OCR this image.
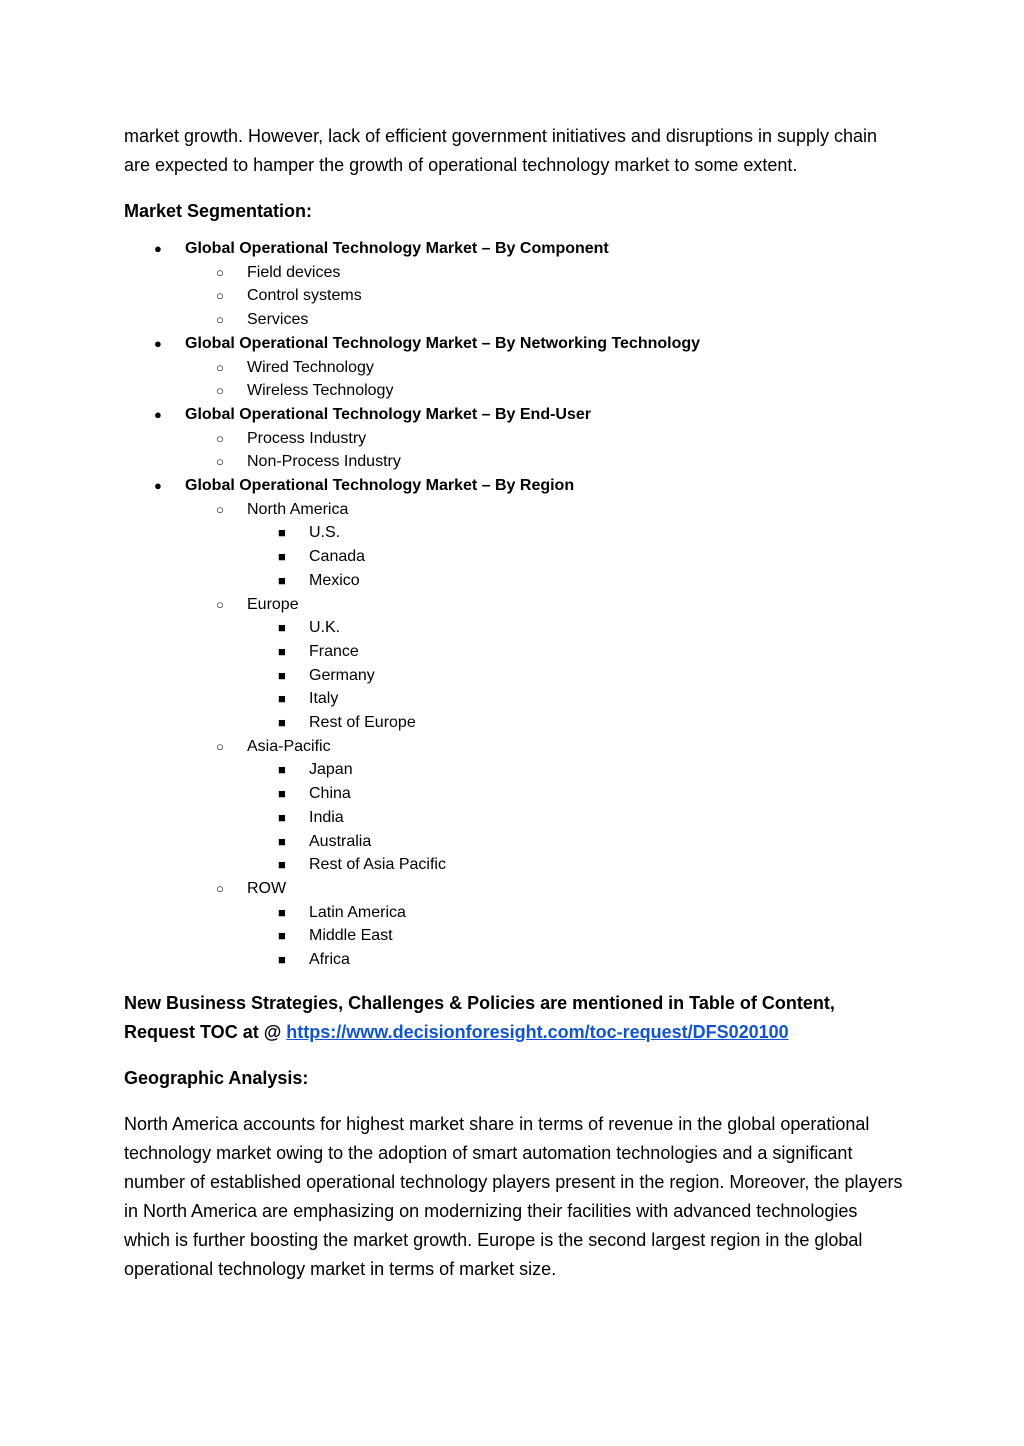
market growth. However, lack of efficient government initiatives and disruptions in supply chain are expected to hamper the growth of operational technology market to some extent.

Market Segmentation:

● Global Operational Technology Market – By Component
○ Field devices
○ Control systems
○ Services
● Global Operational Technology Market – By Networking Technology
○ Wired Technology
○ Wireless Technology
● Global Operational Technology Market – By End-User
○ Process Industry
○ Non-Process Industry
● Global Operational Technology Market – By Region
○ North America
■ U.S.
■ Canada
■ Mexico
○ Europe
■ U.K.
■ France
■ Germany
■ Italy
■ Rest of Europe
○ Asia-Pacific
■ Japan
■ China
■ India
■ Australia
■ Rest of Asia Pacific
○ ROW
■ Latin America
■ Middle East
■ Africa

New Business Strategies, Challenges & Policies are mentioned in Table of Content, Request TOC at @ https://www.decisionforesight.com/toc-request/DFS020100

Geographic Analysis:

North America accounts for highest market share in terms of revenue in the global operational technology market owing to the adoption of smart automation technologies and a significant number of established operational technology players present in the region. Moreover, the players in North America are emphasizing on modernizing their facilities with advanced technologies which is further boosting the market growth. Europe is the second largest region in the global operational technology market in terms of market size.
